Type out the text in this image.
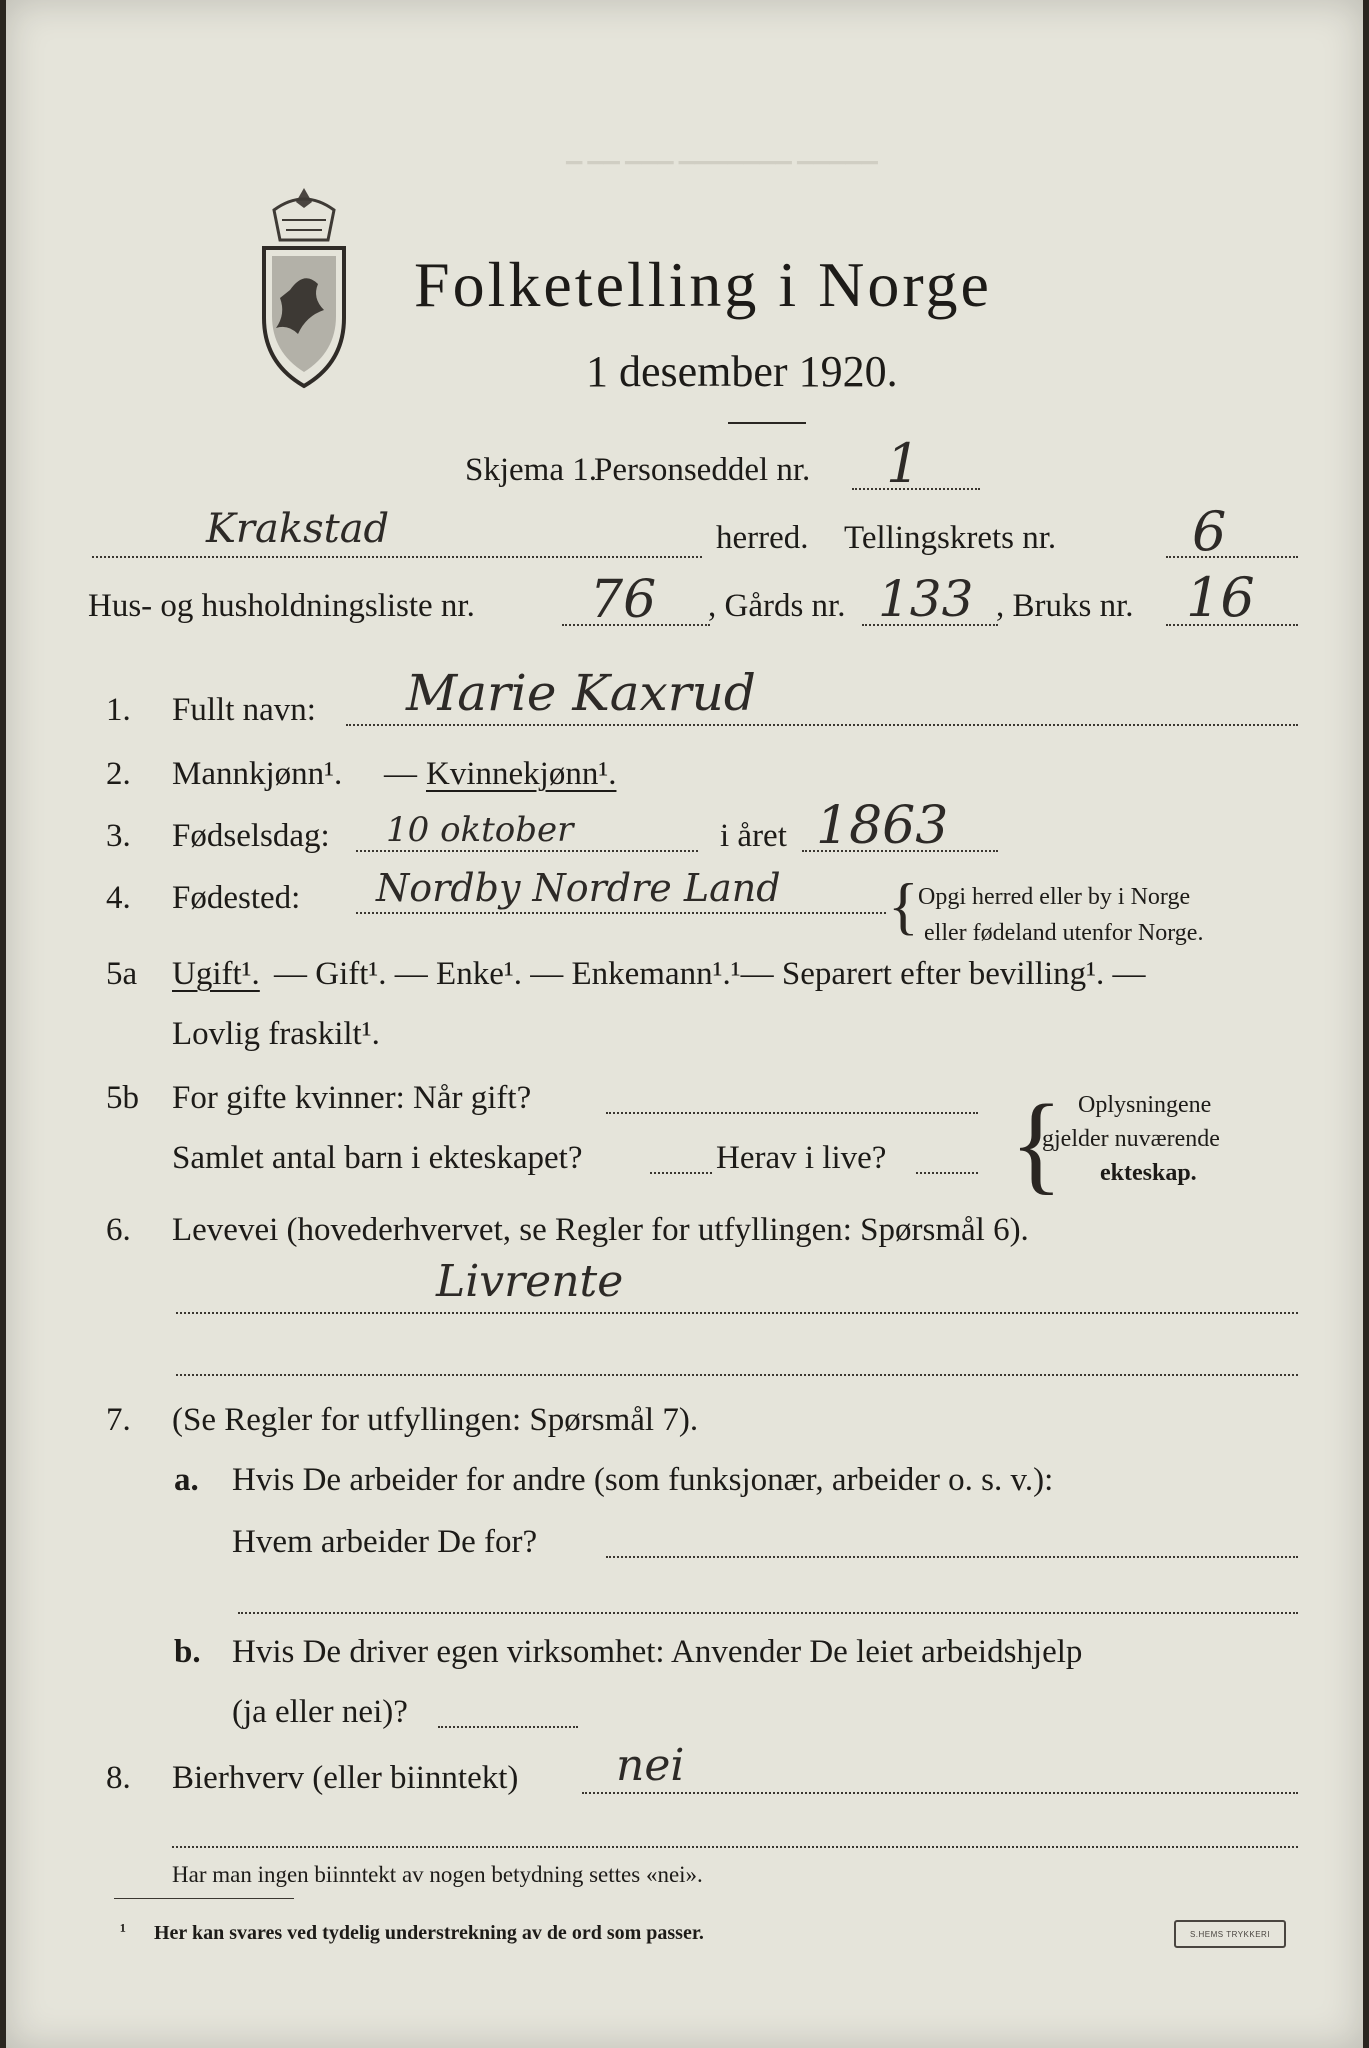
▁ ▁▁ ▁▁▁ ▁▁▁▁▁▁▁ ▁▁▁▁▁
Folketelling i Norge
1 desember 1920.
Skjema 1.
Personseddel nr. 1
Krakstad	herred. Tellingskrets nr.	6
Hus- og husholdningsliste nr. 76 , Gårds nr. 133 , Bruks nr. 16
1. Fullt navn: Marie Kaxrud
2. Mannkjønn¹. — Kvinnekjønn¹.
3. Fødselsdag: 10 oktober	i året 1863
4. Fødested: Nordby Nordre Land { Opgi herred eller by i Norge
eller fødeland utenfor Norge.
5a Ugift¹. — Gift¹. — Enke¹. — Enkemann¹.¹— Separert efter bevilling¹. —
Lovlig fraskilt¹.
5b For gifte kvinner: Når gift?
Samlet antal barn i ekteskapet?	Herav i live? { Oplysningene
gjelder nuværende
ekteskap.
6. Levevei (hovederhvervet, se Regler for utfyllingen: Spørsmål 6).
Livrente
7. (Se Regler for utfyllingen: Spørsmål 7).
a. Hvis De arbeider for andre (som funksjonær, arbeider o. s. v.):
Hvem arbeider De for?
b. Hvis De driver egen virksomhet: Anvender De leiet arbeidshjelp
(ja eller nei)?
8. Bierhverv (eller biinntekt) nei
Har man ingen biinntekt av nogen betydning settes «nei».
¹ Her kan svares ved tydelig understrekning av de ord som passer.	S.HEMS TRYKKERI
